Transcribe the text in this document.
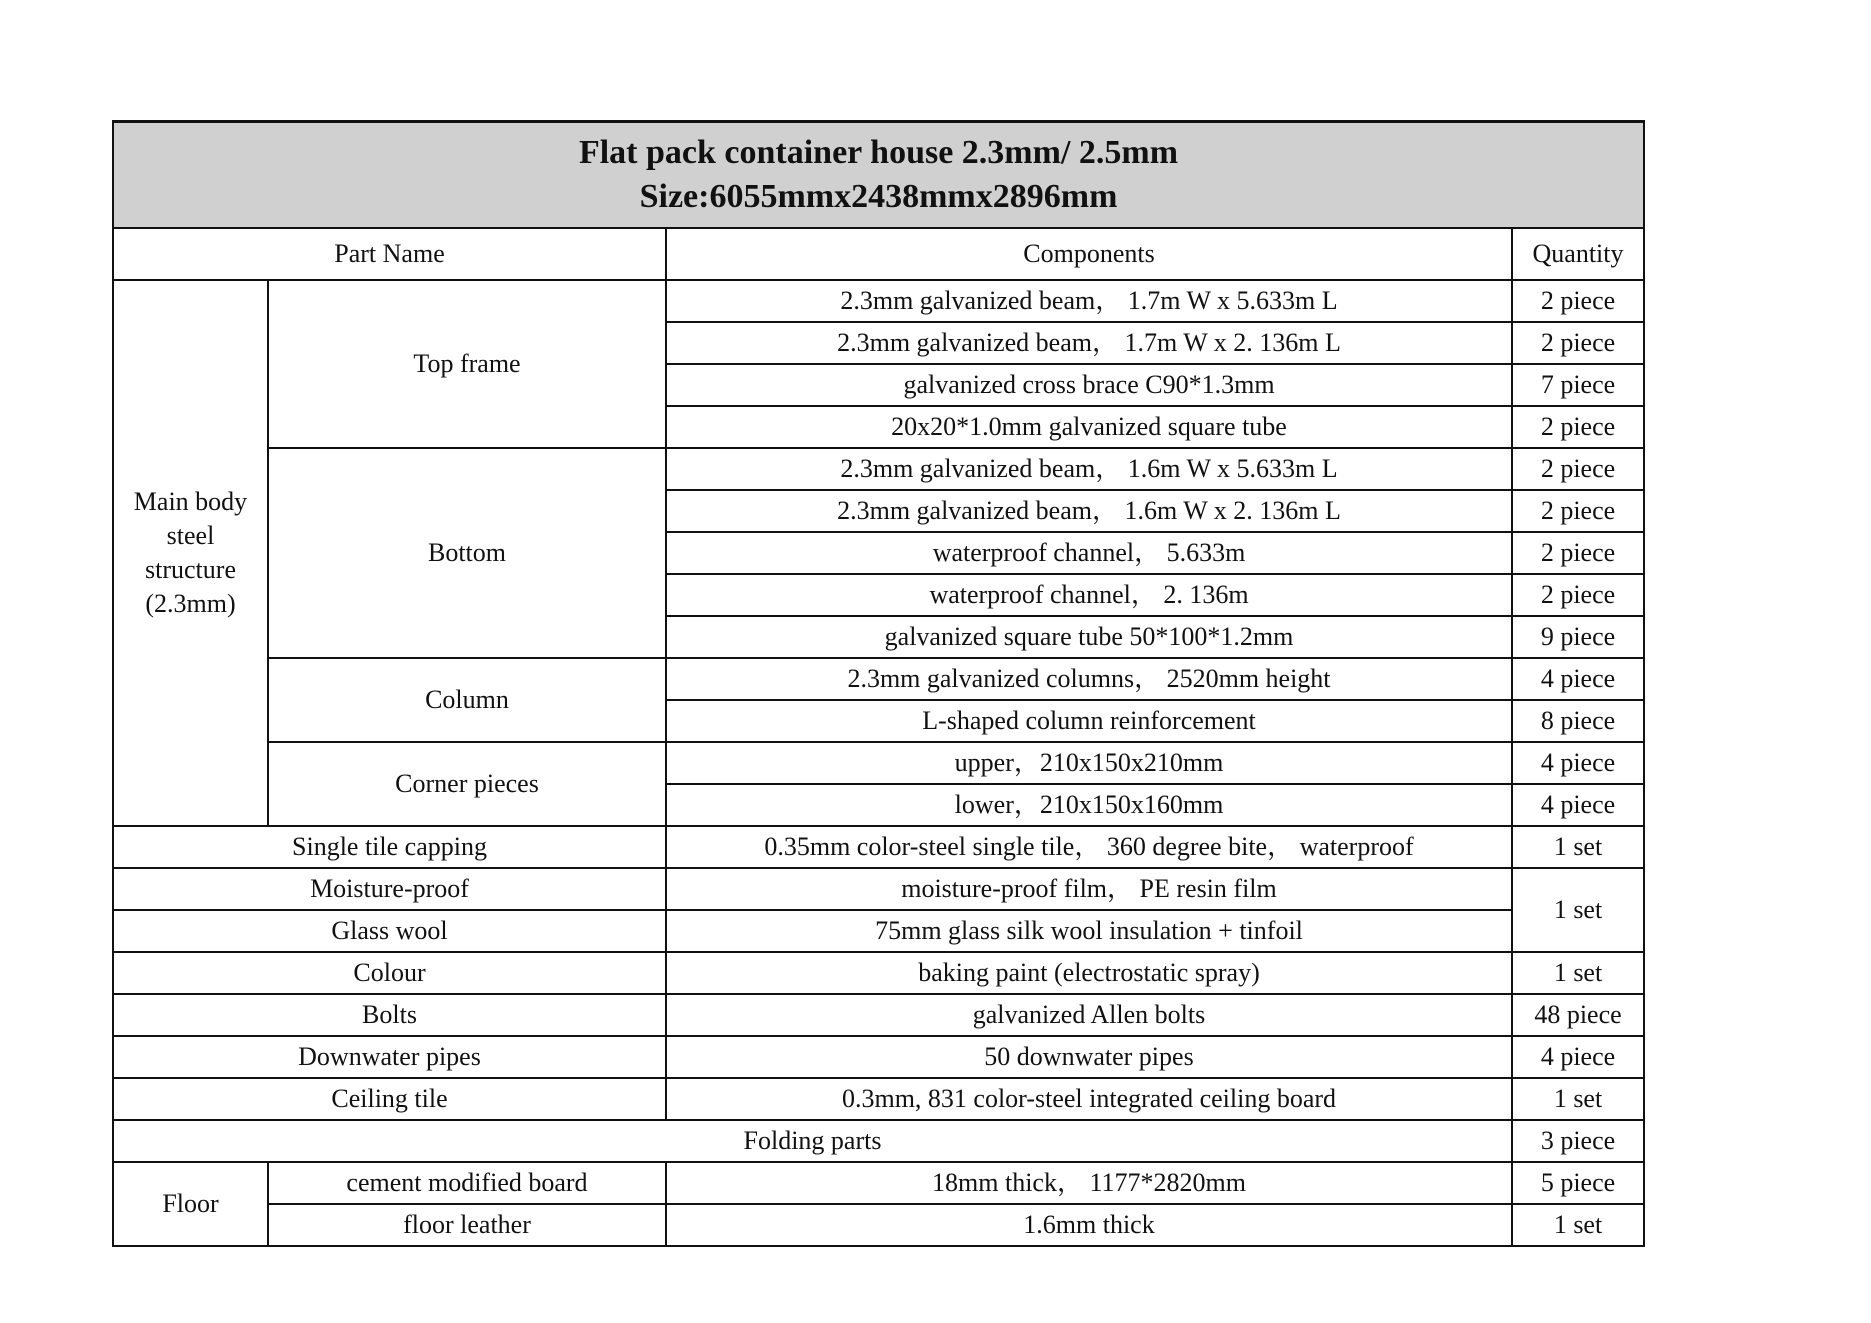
Flat pack container house 2.3mm/ 2.5mm
Size:6055mmx2438mmx2896mm			

Part Name		Components	Quantity
Main body steel structure (2.3mm)	Top frame	2.3mm galvanized beam， 1.7m W x 5.633m L	2 piece
		2.3mm galvanized beam， 1.7m W x 2. 136m L	2 piece
		galvanized cross brace C90*1.3mm	7 piece
		20x20*1.0mm galvanized square tube	2 piece
	Bottom	2.3mm galvanized beam， 1.6m W x 5.633m L	2 piece
		2.3mm galvanized beam， 1.6m W x 2. 136m L	2 piece
		waterproof channel， 5.633m	2 piece
		waterproof channel， 2. 136m	2 piece
		galvanized square tube 50*100*1.2mm	9 piece
	Column	2.3mm galvanized columns， 2520mm height	4 piece
		L-shaped column reinforcement	8 piece
	Corner pieces	upper，210x150x210mm	4 piece
		lower，210x150x160mm	4 piece
Single tile capping		0.35mm color-steel single tile， 360 degree bite， waterproof	1 set
Moisture-proof		moisture-proof film， PE resin film	1 set
Glass wool		75mm glass silk wool insulation + tinfoil	
Colour		baking paint (electrostatic spray)	1 set
Bolts		galvanized Allen bolts	48 piece
Downwater pipes		50 downwater pipes	4 piece
Ceiling tile		0.3mm, 831 color-steel integrated ceiling board	1 set
Folding parts			3 piece
Floor	cement modified board	18mm thick， 1177*2820mm	5 piece
	floor leather	1.6mm thick	1 set
